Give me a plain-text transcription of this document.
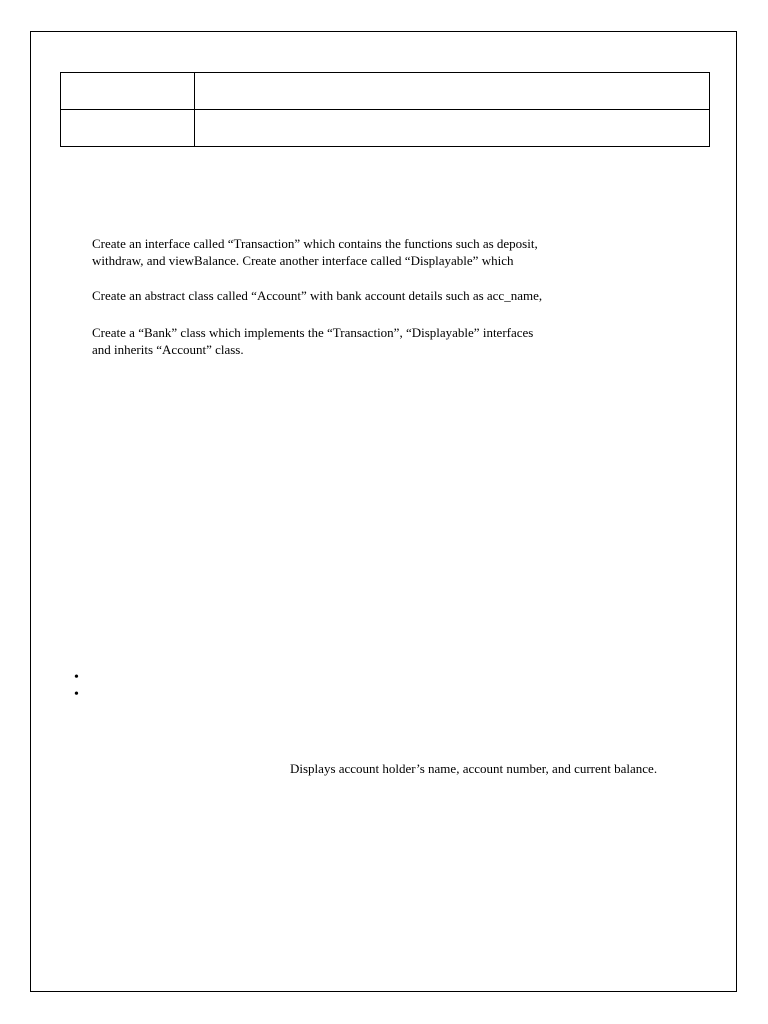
Create an interface called “Transaction” which contains the functions such as deposit,
withdraw, and viewBalance. Create another interface called “Displayable” which

Create an abstract class called “Account” with bank account details such as acc_name,

Create a “Bank” class which implements the “Transaction”, “Displayable” interfaces
and inherits “Account” class.

•
•

Displays account holder’s name, account number, and current balance.
